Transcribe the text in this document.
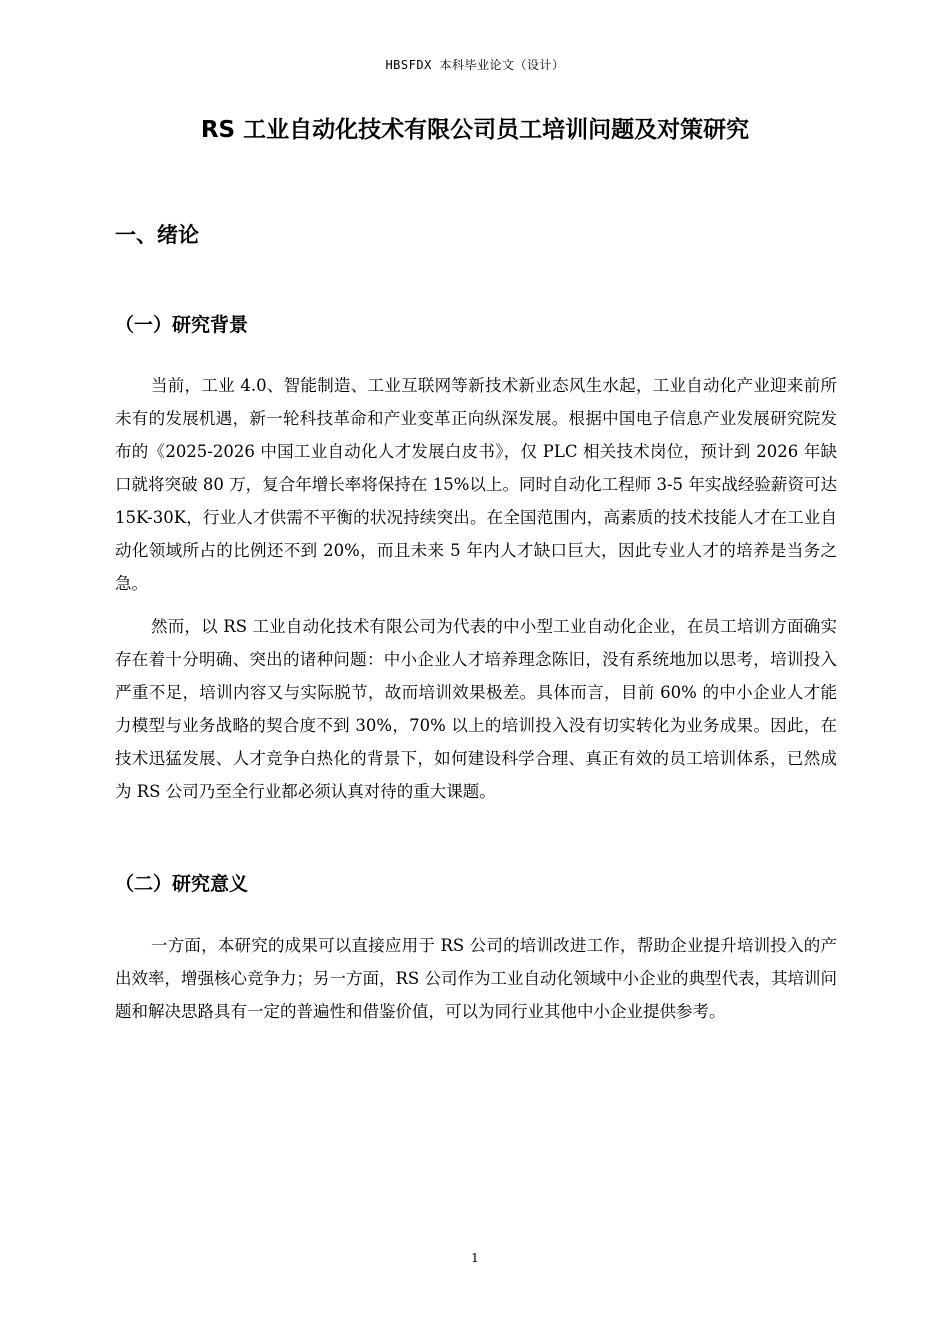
HBSFDX 本科毕业论文（设计）
RS 工业自动化技术有限公司员工培训问题及对策研究
一、绪论
（一）研究背景

当前，工业 4.0、智能制造、工业互联网等新技术新业态风生水起，工业自动化产业迎来前所未有的发展机遇，新一轮科技革命和产业变革正向纵深发展。根据中国电子信息产业发展研究院发布的《2025-2026 中国工业自动化人才发展白皮书》，仅 PLC 相关技术岗位，预计到 2026 年缺口就将突破 80 万，复合年增长率将保持在 15%以上。同时自动化工程师 3-5 年实战经验薪资可达 15K-30K，行业人才供需不平衡的状况持续突出。在全国范围内，高素质的技术技能人才在工业自动化领域所占的比例还不到 20%，而且未来 5 年内人才缺口巨大，因此专业人才的培养是当务之急。

然而，以 RS 工业自动化技术有限公司为代表的中小型工业自动化企业，在员工培训方面确实存在着十分明确、突出的诸种问题：中小企业人才培养理念陈旧，没有系统地加以思考，培训投入严重不足，培训内容又与实际脱节，故而培训效果极差。具体而言，目前 60% 的中小企业人才能力模型与业务战略的契合度不到 30%，70% 以上的培训投入没有切实转化为业务成果。因此，在技术迅猛发展、人才竞争白热化的背景下，如何建设科学合理、真正有效的员工培训体系，已然成为 RS 公司乃至全行业都必须认真对待的重大课题。

（二）研究意义

一方面，本研究的成果可以直接应用于 RS 公司的培训改进工作，帮助企业提升培训投入的产出效率，增强核心竞争力；另一方面，RS 公司作为工业自动化领域中小企业的典型代表，其培训问题和解决思路具有一定的普遍性和借鉴价值，可以为同行业其他中小企业提供参考。

1
